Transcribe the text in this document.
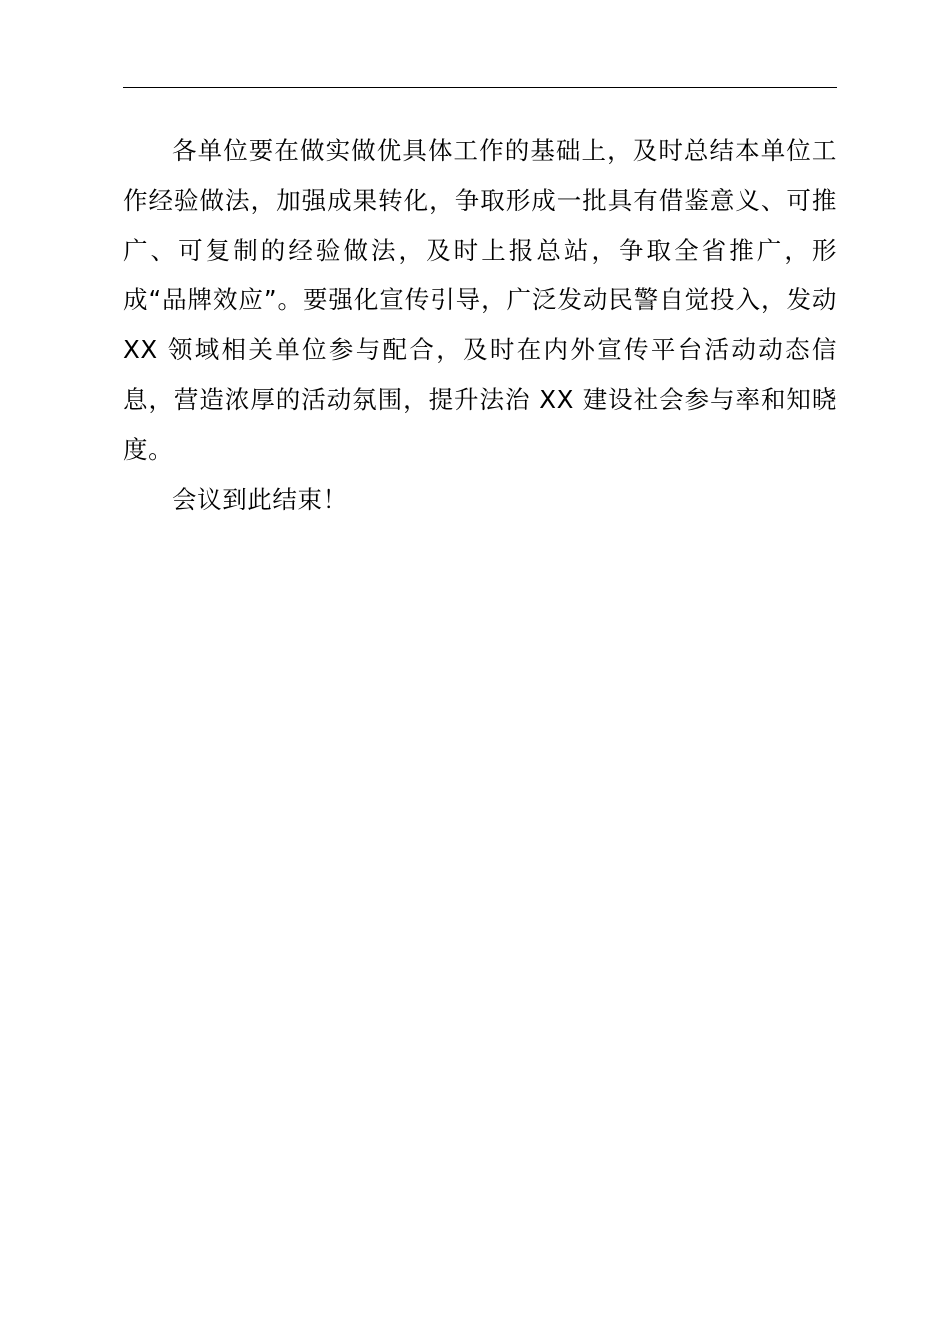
各单位要在做实做优具体工作的基础上，及时总结本单位工作经验做法，加强成果转化，争取形成一批具有借鉴意义、可推广、可复制的经验做法，及时上报总站，争取全省推广，形成“品牌效应”。要强化宣传引导，广泛发动民警自觉投入，发动 XX 领域相关单位参与配合，及时在内外宣传平台活动动态信息，营造浓厚的活动氛围，提升法治 XX 建设社会参与率和知晓度。

会议到此结束！
